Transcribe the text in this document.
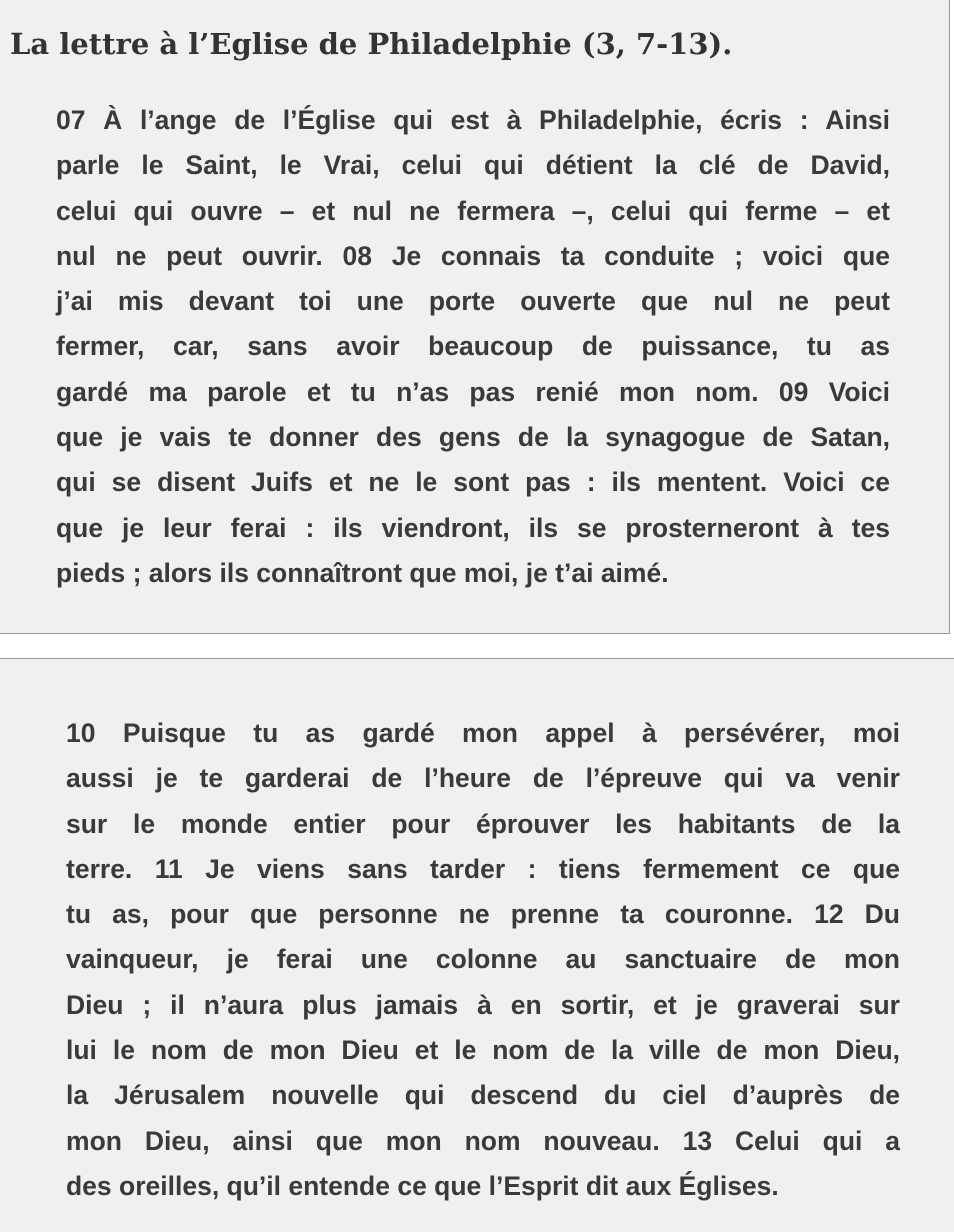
La lettre à l’Eglise de Philadelphie (3, 7-13).

07 À l’ange de l’Église qui est à Philadelphie, écris : Ainsi
parle le Saint, le Vrai, celui qui détient la clé de David,
celui qui ouvre – et nul ne fermera –, celui qui ferme – et
nul ne peut ouvrir. 08 Je connais ta conduite ; voici que
j’ai mis devant toi une porte ouverte que nul ne peut
fermer, car, sans avoir beaucoup de puissance, tu as
gardé ma parole et tu n’as pas renié mon nom. 09 Voici
que je vais te donner des gens de la synagogue de Satan,
qui se disent Juifs et ne le sont pas : ils mentent. Voici ce
que je leur ferai : ils viendront, ils se prosterneront à tes
pieds ; alors ils connaîtront que moi, je t’ai aimé.

10 Puisque tu as gardé mon appel à persévérer, moi
aussi je te garderai de l’heure de l’épreuve qui va venir
sur le monde entier pour éprouver les habitants de la
terre. 11 Je viens sans tarder : tiens fermement ce que
tu as, pour que personne ne prenne ta couronne. 12 Du
vainqueur, je ferai une colonne au sanctuaire de mon
Dieu ; il n’aura plus jamais à en sortir, et je graverai sur
lui le nom de mon Dieu et le nom de la ville de mon Dieu,
la Jérusalem nouvelle qui descend du ciel d’auprès de
mon Dieu, ainsi que mon nom nouveau. 13 Celui qui a
des oreilles, qu’il entende ce que l’Esprit dit aux Églises.
